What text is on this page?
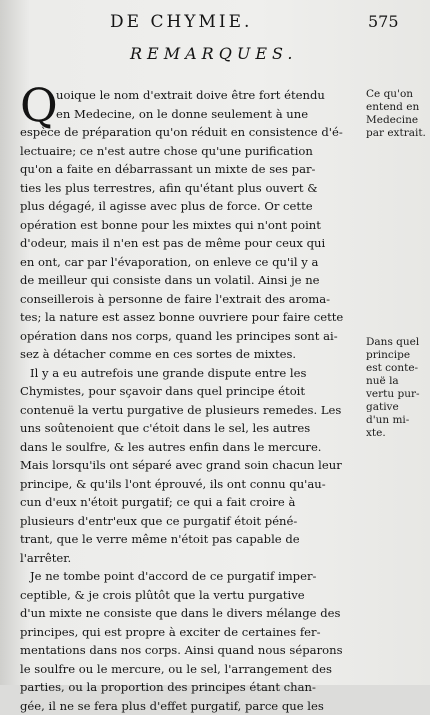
DE CHYMIE.	575
REMARQUES.
Q
uoique le nom d'extrait doive être fort étendu
en Medecine, on le donne seulement à une
espèce de préparation qu'on réduit en consistence d'é-
lectuaire; ce n'est autre chose qu'une purification
qu'on a faite en débarrassant un mixte de ses par-
ties les plus terrestres, afin qu'étant plus ouvert &
plus dégagé, il agisse avec plus de force. Or cette
opération est bonne pour les mixtes qui n'ont point
d'odeur, mais il n'en est pas de même pour ceux qui
en ont, car par l'évaporation, on enleve ce qu'il y a
de meilleur qui consiste dans un volatil. Ainsi je ne
conseillerois à personne de faire l'extrait des aroma-
tes; la nature est assez bonne ouvriere pour faire cette
opération dans nos corps, quand les principes sont ai-
sez à détacher comme en ces sortes de mixtes.
Il y a eu autrefois une grande dispute entre les
Chymistes, pour sçavoir dans quel principe étoit
contenuë la vertu purgative de plusieurs remedes. Les
uns soûtenoient que c'étoit dans le sel, les autres
dans le soulfre, & les autres enfin dans le mercure.
Mais lorsqu'ils ont séparé avec grand soin chacun leur
principe, & qu'ils l'ont éprouvé, ils ont connu qu'au-
cun d'eux n'étoit purgatif; ce qui a fait croire à
plusieurs d'entr'eux que ce purgatif étoit péné-
trant, que le verre même n'étoit pas capable de
l'arrêter.
Je ne tombe point d'accord de ce purgatif imper-
ceptible, & je crois plûtôt que la vertu purgative
d'un mixte ne consiste que dans le divers mélange des
principes, qui est propre à exciter de certaines fer-
mentations dans nos corps. Ainsi quand nous séparons
le soulfre ou le mercure, ou le sel, l'arrangement des
parties, ou la proportion des principes étant chan-
gée, il ne se fera plus d'effet purgatif, parce que les
Ce qu'on
entend en
Medecine
par extrait.
Dans quel
principe
est conte-
nuë la
vertu pur-
gative
d'un mi-
xte.
